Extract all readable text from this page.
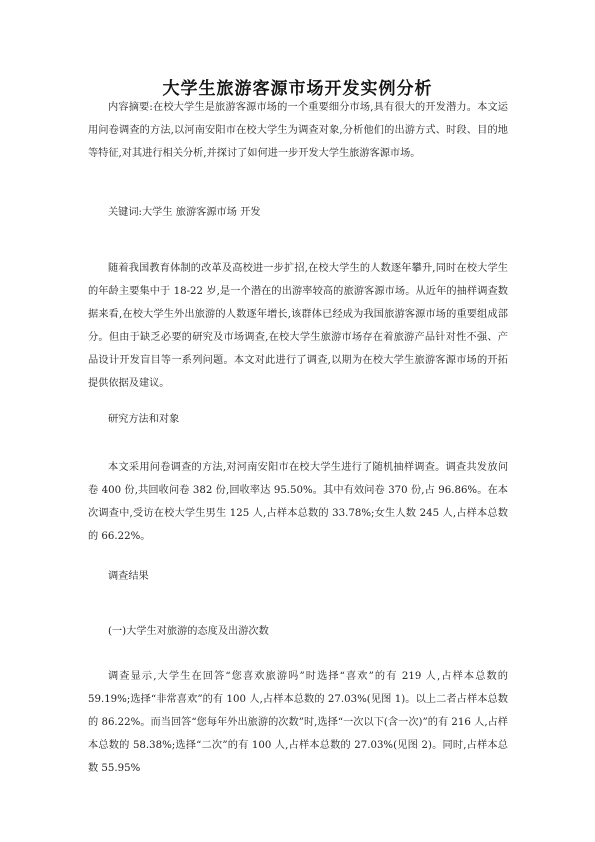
大学生旅游客源市场开发实例分析

内容摘要:在校大学生是旅游客源市场的一个重要细分市场,具有很大的开发潜力。本文运用问卷调查的方法,以河南安阳市在校大学生为调查对象,分析他们的出游方式、时段、目的地等特征,对其进行相关分析,并探讨了如何进一步开发大学生旅游客源市场。

关键词:大学生 旅游客源市场 开发

随着我国教育体制的改革及高校进一步扩招,在校大学生的人数逐年攀升,同时在校大学生的年龄主要集中于 18-22 岁,是一个潜在的出游率较高的旅游客源市场。从近年的抽样调查数据来看,在校大学生外出旅游的人数逐年增长,该群体已经成为我国旅游客源市场的重要组成部分。但由于缺乏必要的研究及市场调查,在校大学生旅游市场存在着旅游产品针对性不强、产品设计开发盲目等一系列问题。本文对此进行了调查,以期为在校大学生旅游客源市场的开拓提供依据及建议。

研究方法和对象

本文采用问卷调查的方法,对河南安阳市在校大学生进行了随机抽样调查。调查共发放问卷 400 份,共回收问卷 382 份,回收率达 95.50%。其中有效问卷 370 份,占 96.86%。在本次调查中,受访在校大学生男生 125 人,占样本总数的 33.78%;女生人数 245 人,占样本总数的 66.22%。

调查结果

(一)大学生对旅游的态度及出游次数

调查显示,大学生在回答“您喜欢旅游吗”时选择“喜欢”的有 219 人,占样本总数的 59.19%;选择“非常喜欢”的有 100 人,占样本总数的 27.03%(见图 1)。以上二者占样本总数的 86.22%。而当回答“您每年外出旅游的次数”时,选择“一次以下(含一次)”的有 216 人,占样本总数的 58.38%;选择“二次”的有 100 人,占样本总数的 27.03%(见图 2)。同时,占样本总数 55.95%
